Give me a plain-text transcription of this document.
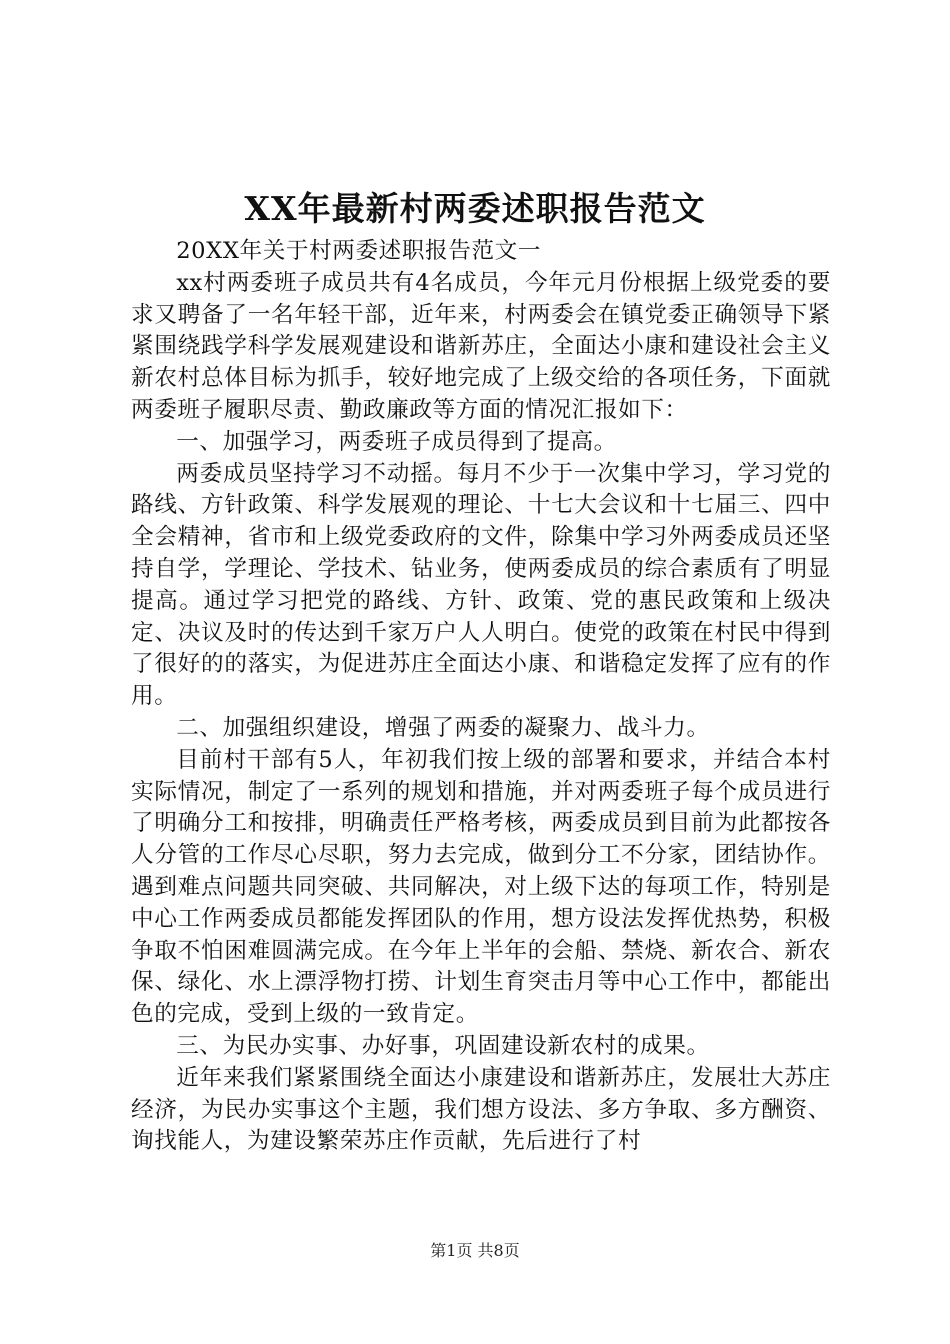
XX年最新村两委述职报告范文

20XX年关于村两委述职报告范文一

xx村两委班子成员共有4名成员，今年元月份根据上级党委的要求又聘备了一名年轻干部，近年来，村两委会在镇党委正确领导下紧紧围绕践学科学发展观建设和谐新苏庄，全面达小康和建设社会主义新农村总体目标为抓手，较好地完成了上级交给的各项任务，下面就两委班子履职尽责、勤政廉政等方面的情况汇报如下：

一、加强学习，两委班子成员得到了提高。

两委成员坚持学习不动摇。每月不少于一次集中学习，学习党的路线、方针政策、科学发展观的理论、十七大会议和十七届三、四中全会精神，省市和上级党委政府的文件，除集中学习外两委成员还坚持自学，学理论、学技术、钻业务，使两委成员的综合素质有了明显提高。通过学习把党的路线、方针、政策、党的惠民政策和上级决定、决议及时的传达到千家万户人人明白。使党的政策在村民中得到了很好的的落实，为促进苏庄全面达小康、和谐稳定发挥了应有的作用。

二、加强组织建设，增强了两委的凝聚力、战斗力。

目前村干部有5人，年初我们按上级的部署和要求，并结合本村实际情况，制定了一系列的规划和措施，并对两委班子每个成员进行了明确分工和按排，明确责任严格考核，两委成员到目前为此都按各人分管的工作尽心尽职，努力去完成，做到分工不分家，团结协作。遇到难点问题共同突破、共同解决，对上级下达的每项工作，特别是中心工作两委成员都能发挥团队的作用，想方设法发挥优热势，积极争取不怕困难圆满完成。在今年上半年的会船、禁烧、新农合、新农保、绿化、水上漂浮物打捞、计划生育突击月等中心工作中，都能出色的完成，受到上级的一致肯定。

三、为民办实事、办好事，巩固建设新农村的成果。

近年来我们紧紧围绕全面达小康建设和谐新苏庄，发展壮大苏庄经济，为民办实事这个主题，我们想方设法、多方争取、多方酬资、询找能人，为建设繁荣苏庄作贡献，先后进行了村

第1页 共8页
